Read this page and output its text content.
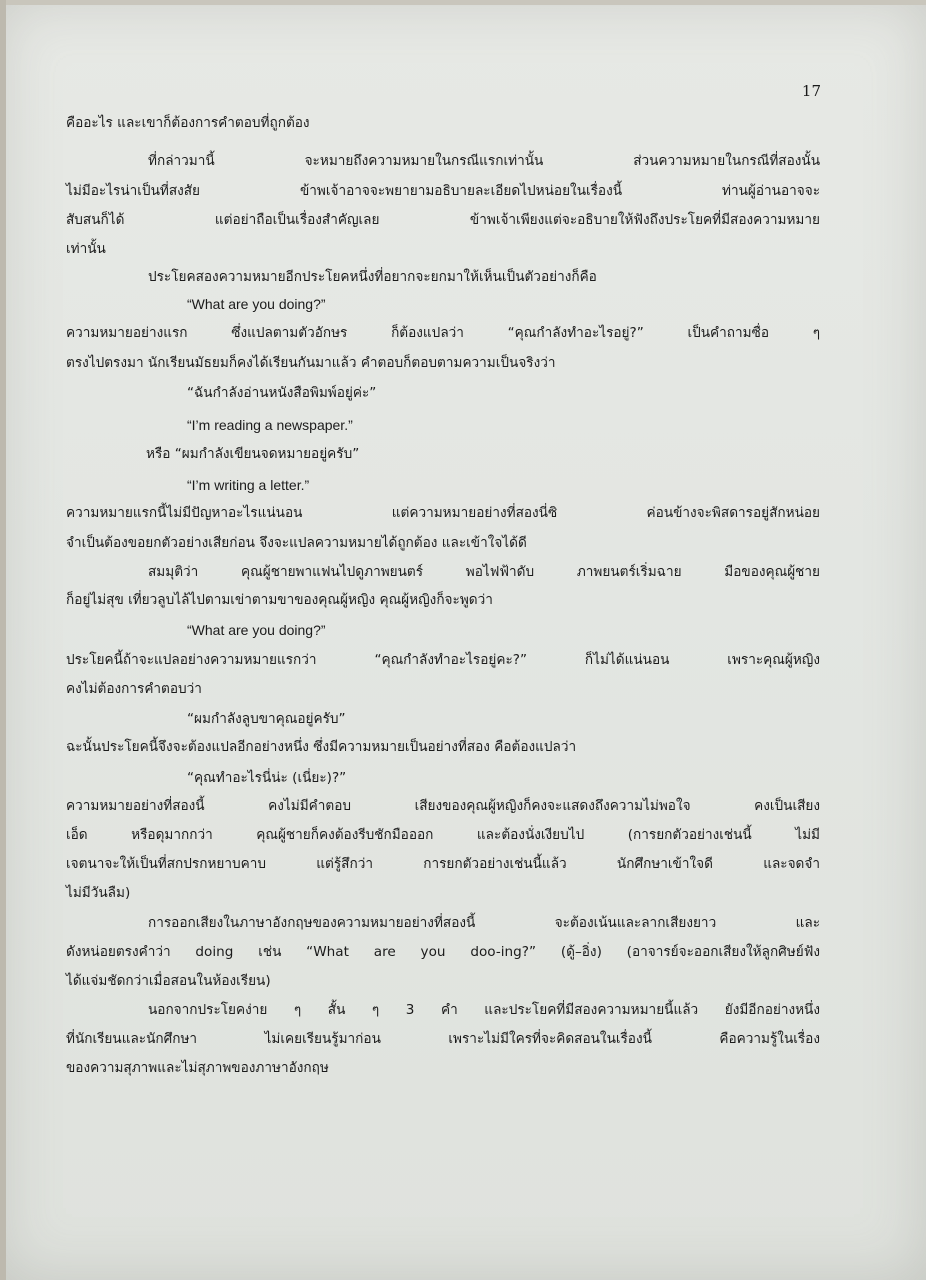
17
คืออะไร และเขาก็ต้องการคำตอบที่ถูกต้อง
ที่กล่าวมานี้ จะหมายถึงความหมายในกรณีแรกเท่านั้น ส่วนความหมายในกรณีที่สองนั้น
ไม่มีอะไรน่าเป็นที่สงสัย ข้าพเจ้าอาจจะพยายามอธิบายละเอียดไปหน่อยในเรื่องนี้ ท่านผู้อ่านอาจจะ
สับสนก็ได้ แต่อย่าถือเป็นเรื่องสำคัญเลย ข้าพเจ้าเพียงแต่จะอธิบายให้ฟังถึงประโยคที่มีสองความหมาย
เท่านั้น
ประโยคสองความหมายอีกประโยคหนึ่งที่อยากจะยกมาให้เห็นเป็นตัวอย่างก็คือ
“What are you doing?”
ความหมายอย่างแรก ซึ่งแปลตามตัวอักษร ก็ต้องแปลว่า “คุณกำลังทำอะไรอยู่?” เป็นคำถามซื่อ ๆ
ตรงไปตรงมา นักเรียนมัธยมก็คงได้เรียนกันมาแล้ว คำตอบก็ตอบตามความเป็นจริงว่า
“ฉันกำลังอ่านหนังสือพิมพ์อยู่ค่ะ”
“I’m reading a newspaper.”
หรือ “ผมกำลังเขียนจดหมายอยู่ครับ”
“I’m writing a letter.”
ความหมายแรกนี้ไม่มีปัญหาอะไรแน่นอน แต่ความหมายอย่างที่สองนี่ซิ ค่อนข้างจะพิสดารอยู่สักหน่อย
จำเป็นต้องขอยกตัวอย่างเสียก่อน จึงจะแปลความหมายได้ถูกต้อง และเข้าใจได้ดี
สมมุติว่า คุณผู้ชายพาแฟนไปดูภาพยนตร์ พอไฟฟ้าดับ ภาพยนตร์เริ่มฉาย มือของคุณผู้ชาย
ก็อยู่ไม่สุข เที่ยวลูบไล้ไปตามเข่าตามขาของคุณผู้หญิง คุณผู้หญิงก็จะพูดว่า
“What are you doing?”
ประโยคนี้ถ้าจะแปลอย่างความหมายแรกว่า “คุณกำลังทำอะไรอยู่คะ?” ก็ไม่ได้แน่นอน เพราะคุณผู้หญิง
คงไม่ต้องการคำตอบว่า
“ผมกำลังลูบขาคุณอยู่ครับ”
ฉะนั้นประโยคนี้จึงจะต้องแปลอีกอย่างหนึ่ง ซึ่งมีความหมายเป็นอย่างที่สอง คือต้องแปลว่า
“คุณทำอะไรนี่น่ะ (เนี่ยะ)?”
ความหมายอย่างที่สองนี้ คงไม่มีคำตอบ เสียงของคุณผู้หญิงก็คงจะแสดงถึงความไม่พอใจ คงเป็นเสียง
เอ็ด หรือดุมากกว่า คุณผู้ชายก็คงต้องรีบชักมือออก และต้องนั่งเงียบไป (การยกตัวอย่างเช่นนี้ ไม่มี
เจตนาจะให้เป็นที่สกปรกหยาบคาบ แต่รู้สึกว่า การยกตัวอย่างเช่นนี้แล้ว นักศึกษาเข้าใจดี และจดจำ
ไม่มีวันลืม)
การออกเสียงในภาษาอังกฤษของความหมายอย่างที่สองนี้ จะต้องเน้นและลากเสียงยาว และ
ดังหน่อยตรงคำว่า doing เช่น “What are you doo-ing?” (ดู้–อิ่ง) (อาจารย์จะออกเสียงให้ลูกศิษย์ฟัง
ได้แจ่มชัดกว่าเมื่อสอนในห้องเรียน)
นอกจากประโยคง่าย ๆ สั้น ๆ 3 คำ และประโยคที่มีสองความหมายนี้แล้ว ยังมีอีกอย่างหนึ่ง
ที่นักเรียนและนักศึกษา ไม่เคยเรียนรู้มาก่อน เพราะไม่มีใครที่จะคิดสอนในเรื่องนี้ คือความรู้ในเรื่อง
ของความสุภาพและไม่สุภาพของภาษาอังกฤษ
